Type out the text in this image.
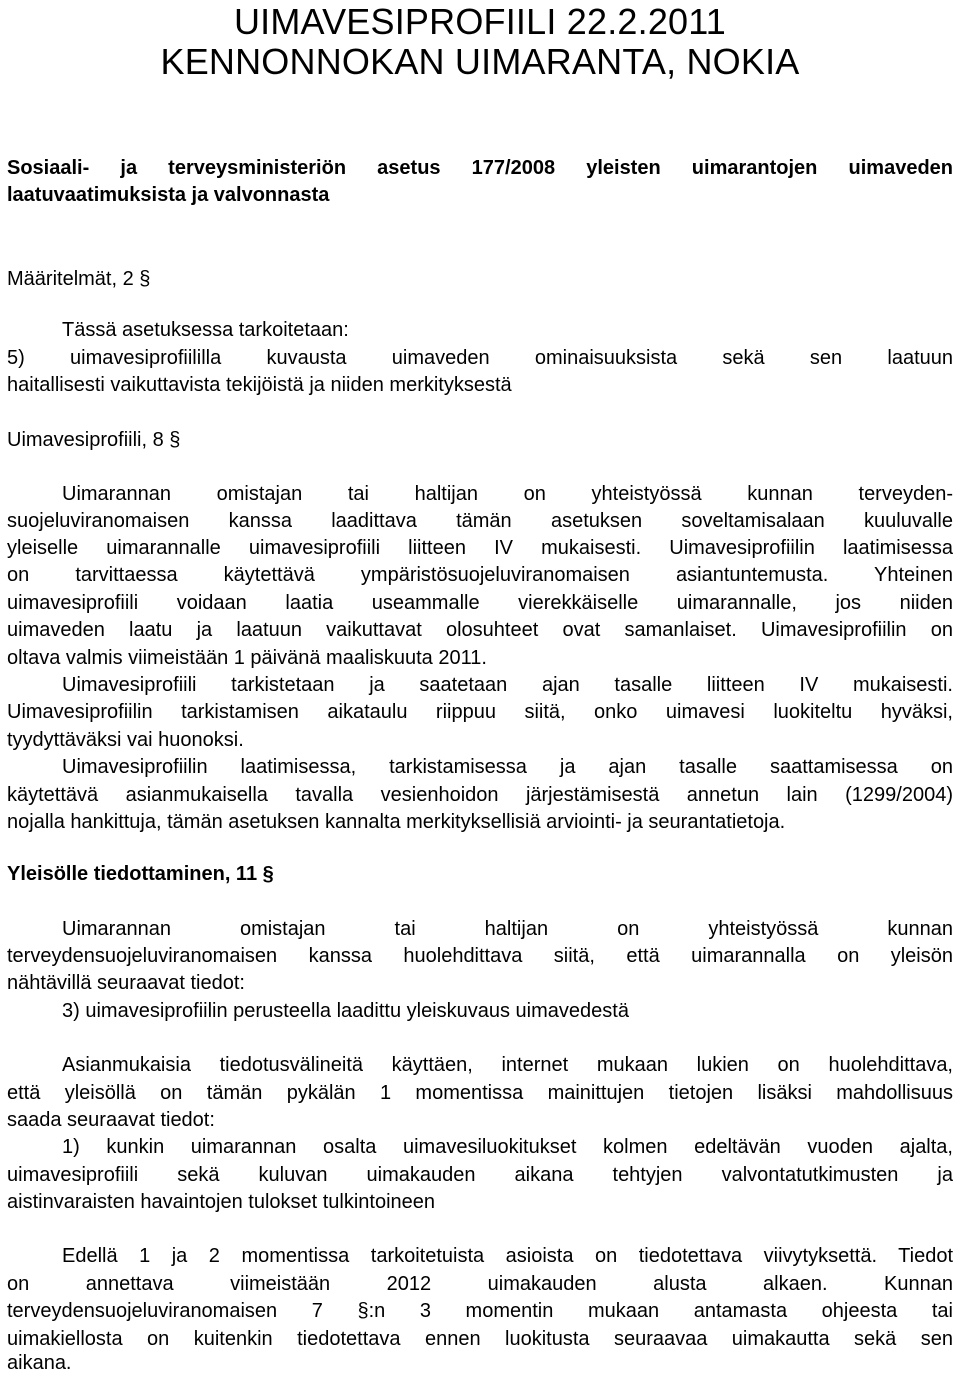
UIMAVESIPROFIILI 22.2.2011
KENNONNOKAN UIMARANTA, NOKIA
Sosiaali- ja terveysministeriön asetus 177/2008 yleisten uimarantojen uimaveden
laatuvaatimuksista ja valvonnasta
Määritelmät, 2 §
Tässä asetuksessa tarkoitetaan:
5) uimavesiprofiililla kuvausta uimaveden ominaisuuksista sekä sen laatuun
haitallisesti vaikuttavista tekijöistä ja niiden merkityksestä
Uimavesiprofiili, 8 §
Uimarannan omistajan tai haltijan on yhteistyössä kunnan terveyden-
suojeluviranomaisen kanssa laadittava tämän asetuksen soveltamisalaan kuuluvalle
yleiselle uimarannalle uimavesiprofiili liitteen IV mukaisesti. Uimavesiprofiilin laatimisessa
on tarvittaessa käytettävä ympäristösuojeluviranomaisen asiantuntemusta. Yhteinen
uimavesiprofiili voidaan laatia useammalle vierekkäiselle uimarannalle, jos niiden
uimaveden laatu ja laatuun vaikuttavat olosuhteet ovat samanlaiset. Uimavesiprofiilin on
oltava valmis viimeistään 1 päivänä maaliskuuta 2011.
Uimavesiprofiili tarkistetaan ja saatetaan ajan tasalle liitteen IV mukaisesti.
Uimavesiprofiilin tarkistamisen aikataulu riippuu siitä, onko uimavesi luokiteltu hyväksi,
tyydyttäväksi vai huonoksi.
Uimavesiprofiilin laatimisessa, tarkistamisessa ja ajan tasalle saattamisessa on
käytettävä asianmukaisella tavalla vesienhoidon järjestämisestä annetun lain (1299/2004)
nojalla hankittuja, tämän asetuksen kannalta merkityksellisiä arviointi- ja seurantatietoja.
Yleisölle tiedottaminen, 11 §
Uimarannan omistajan tai haltijan on yhteistyössä kunnan
terveydensuojeluviranomaisen kanssa huolehdittava siitä, että uimarannalla on yleisön
nähtävillä seuraavat tiedot:
3) uimavesiprofiilin perusteella laadittu yleiskuvaus uimavedestä
Asianmukaisia tiedotusvälineitä käyttäen, internet mukaan lukien on huolehdittava,
että yleisöllä on tämän pykälän 1 momentissa mainittujen tietojen lisäksi mahdollisuus
saada seuraavat tiedot:
1) kunkin uimarannan osalta uimavesiluokitukset kolmen edeltävän vuoden ajalta,
uimavesiprofiili sekä kuluvan uimakauden aikana tehtyjen valvontatutkimusten ja
aistinvaraisten havaintojen tulokset tulkintoineen
Edellä 1 ja 2 momentissa tarkoitetuista asioista on tiedotettava viivytyksettä. Tiedot
on annettava viimeistään 2012 uimakauden alusta alkaen. Kunnan
terveydensuojeluviranomaisen 7 §:n 3 momentin mukaan antamasta ohjeesta tai
uimakiellosta on kuitenkin tiedotettava ennen luokitusta seuraavaa uimakautta sekä sen
aikana.
